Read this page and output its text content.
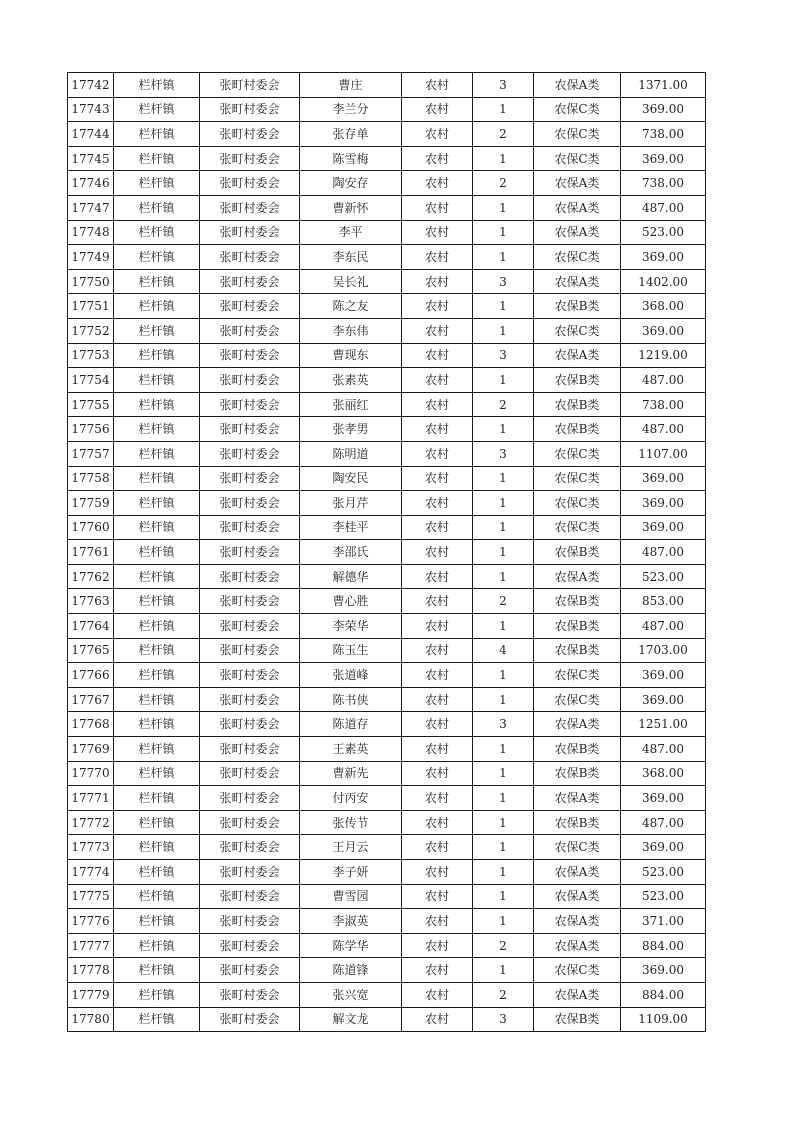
17742	栏杆镇	张町村委会	曹庄	农村	3	农保A类	1371.00
17743	栏杆镇	张町村委会	李兰分	农村	1	农保C类	369.00
17744	栏杆镇	张町村委会	张存单	农村	2	农保C类	738.00
17745	栏杆镇	张町村委会	陈雪梅	农村	1	农保C类	369.00
17746	栏杆镇	张町村委会	陶安存	农村	2	农保A类	738.00
17747	栏杆镇	张町村委会	曹新怀	农村	1	农保A类	487.00
17748	栏杆镇	张町村委会	李平	农村	1	农保A类	523.00
17749	栏杆镇	张町村委会	李东民	农村	1	农保C类	369.00
17750	栏杆镇	张町村委会	吴长礼	农村	3	农保A类	1402.00
17751	栏杆镇	张町村委会	陈之友	农村	1	农保B类	368.00
17752	栏杆镇	张町村委会	李东伟	农村	1	农保C类	369.00
17753	栏杆镇	张町村委会	曹现东	农村	3	农保A类	1219.00
17754	栏杆镇	张町村委会	张素英	农村	1	农保B类	487.00
17755	栏杆镇	张町村委会	张丽红	农村	2	农保B类	738.00
17756	栏杆镇	张町村委会	张孝男	农村	1	农保B类	487.00
17757	栏杆镇	张町村委会	陈明道	农村	3	农保C类	1107.00
17758	栏杆镇	张町村委会	陶安民	农村	1	农保C类	369.00
17759	栏杆镇	张町村委会	张月芹	农村	1	农保C类	369.00
17760	栏杆镇	张町村委会	李桂平	农村	1	农保C类	369.00
17761	栏杆镇	张町村委会	李邵氏	农村	1	农保B类	487.00
17762	栏杆镇	张町村委会	解德华	农村	1	农保A类	523.00
17763	栏杆镇	张町村委会	曹心胜	农村	2	农保B类	853.00
17764	栏杆镇	张町村委会	李荣华	农村	1	农保B类	487.00
17765	栏杆镇	张町村委会	陈玉生	农村	4	农保B类	1703.00
17766	栏杆镇	张町村委会	张道峰	农村	1	农保C类	369.00
17767	栏杆镇	张町村委会	陈书侠	农村	1	农保C类	369.00
17768	栏杆镇	张町村委会	陈道存	农村	3	农保A类	1251.00
17769	栏杆镇	张町村委会	王素英	农村	1	农保B类	487.00
17770	栏杆镇	张町村委会	曹新先	农村	1	农保B类	368.00
17771	栏杆镇	张町村委会	付丙安	农村	1	农保A类	369.00
17772	栏杆镇	张町村委会	张传节	农村	1	农保B类	487.00
17773	栏杆镇	张町村委会	王月云	农村	1	农保C类	369.00
17774	栏杆镇	张町村委会	李子妍	农村	1	农保A类	523.00
17775	栏杆镇	张町村委会	曹雪园	农村	1	农保A类	523.00
17776	栏杆镇	张町村委会	李淑英	农村	1	农保A类	371.00
17777	栏杆镇	张町村委会	陈学华	农村	2	农保A类	884.00
17778	栏杆镇	张町村委会	陈道锋	农村	1	农保C类	369.00
17779	栏杆镇	张町村委会	张兴宽	农村	2	农保A类	884.00
17780	栏杆镇	张町村委会	解文龙	农村	3	农保B类	1109.00
